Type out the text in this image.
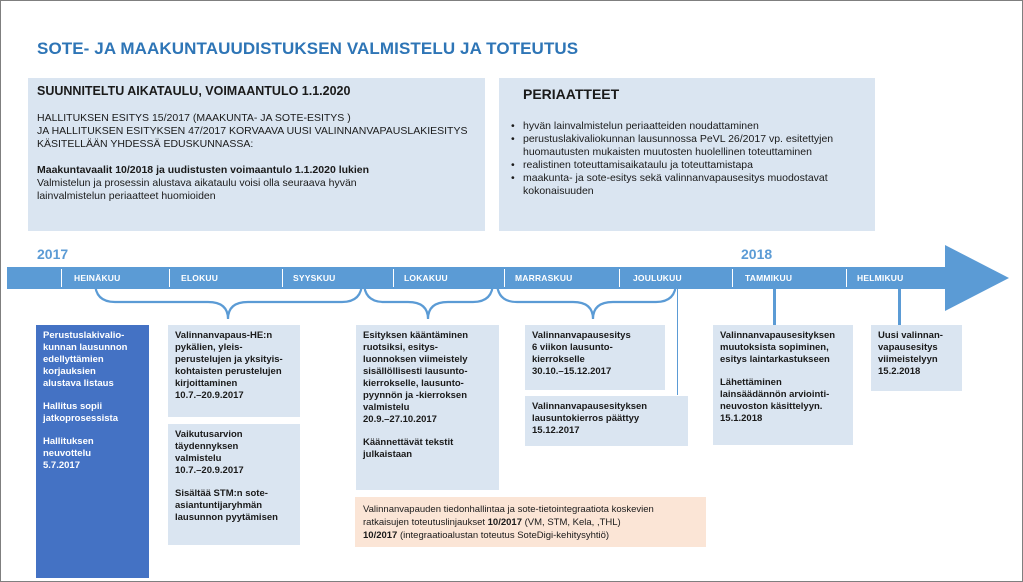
SOTE- JA MAAKUNTAUUDISTUKSEN VALMISTELU JA TOTEUTUS
SUUNNITELTU AIKATAULU, VOIMAANTULO 1.1.2020
HALLITUKSEN ESITYS 15/2017 (MAAKUNTA- JA SOTE-ESITYS )
JA HALLITUKSEN ESITYKSEN 47/2017 KORVAAVA UUSI VALINNANVAPAUSLAKIESITYS
KÄSITELLÄÄN YHDESSÄ EDUSKUNNASSA:
Maakuntavaalit 10/2018 ja uudistusten voimaantulo 1.1.2020 lukien
Valmistelun ja prosessin alustava aikataulu voisi olla seuraava hyvän
lainvalmistelun periaatteet huomioiden
PERIAATTEET
• hyvän lainvalmistelun periaatteiden noudattaminen
• perustuslakivaliokunnan lausunnossa PeVL 26/2017 vp. esitettyjen huomautusten mukaisten muutosten huolellinen toteuttaminen
• realistinen toteuttamisaikataulu ja toteuttamistapa
• maakunta- ja sote-esitys sekä valinnanvapausesitys muodostavat kokonaisuuden
2017	2018
HEINÄKUU	ELOKUU	SYYSKUU	LOKAKUU	MARRASKUU	JOULUKUU	TAMMIKUU	HELMIKUU
Perustuslakivalio-
kunnan lausunnon
edellyttämien
korjauksien
alustava listaus
Hallitus sopii
jatkoprosessista
Hallituksen
neuvottelu
5.7.2017
Valinnanvapaus-HE:n
pykälien, yleis-
perustelujen ja yksityis-
kohtaisten perustelujen
kirjoittaminen
10.7.–20.9.2017
Vaikutusarvion
täydennyksen
valmistelu
10.7.–20.9.2017
Sisältää STM:n sote-
asiantuntijaryhmän
lausunnon pyytämisen
Esityksen kääntäminen
ruotsiksi, esitys-
luonnoksen viimeistely
sisällöllisesti lausunto-
kierrokselle, lausunto-
pyynnön ja -kierroksen
valmistelu
20.9.–27.10.2017
Käännettävät tekstit
julkaistaan
Valinnanvapausesitys
6 viikon lausunto-
kierrokselle
30.10.–15.12.2017
Valinnanvapausesityksen
lausuntokierros päättyy
15.12.2017
Valinnanvapausesityksen
muutoksista sopiminen,
esitys laintarkastukseen
Lähettäminen
lainsäädännön arviointi-
neuvoston käsittelyyn.
15.1.2018
Uusi valinnan-
vapausesitys
viimeistelyyn
15.2.2018
Valinnanvapauden tiedonhallintaa ja sote-tietointegraatiota koskevien
ratkaisujen toteutuslinjaukset 10/2017 (VM, STM, Kela, ,THL)
10/2017 (integraatioalustan toteutus SoteDigi-kehitysyhtiö)
